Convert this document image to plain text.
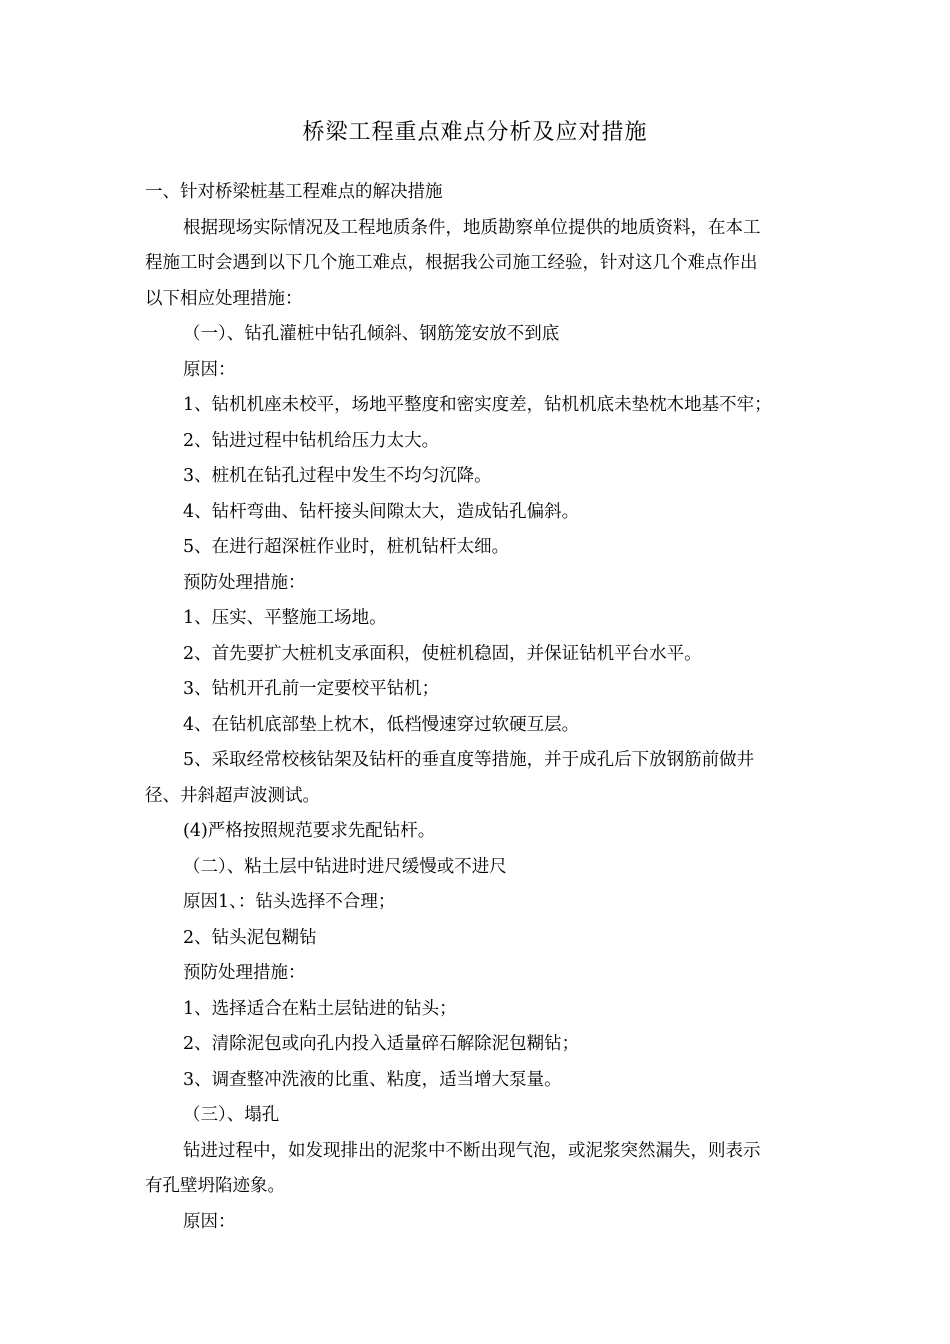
桥梁工程重点难点分析及应对措施
一、针对桥梁桩基工程难点的解决措施
根据现场实际情况及工程地质条件，地质勘察单位提供的地质资料，在本工
程施工时会遇到以下几个施工难点，根据我公司施工经验，针对这几个难点作出
以下相应处理措施：
（一）、钻孔灌桩中钻孔倾斜、钢筋笼安放不到底
原因：
1、钻机机座未校平，场地平整度和密实度差，钻机机底未垫枕木地基不牢；
2、钻进过程中钻机给压力太大。
3、桩机在钻孔过程中发生不均匀沉降。
4、钻杆弯曲、钻杆接头间隙太大，造成钻孔偏斜。
5、在进行超深桩作业时，桩机钻杆太细。
预防处理措施：
1、压实、平整施工场地。
2、首先要扩大桩机支承面积，使桩机稳固，并保证钻机平台水平。
3、钻机开孔前一定要校平钻机；
4、在钻机底部垫上枕木，低档慢速穿过软硬互层。
5、采取经常校核钻架及钻杆的垂直度等措施，并于成孔后下放钢筋前做井
径、井斜超声波测试。
(4)严格按照规范要求先配钻杆。
（二）、粘土层中钻进时进尺缓慢或不进尺
原因1、：钻头选择不合理；
2、钻头泥包糊钻
预防处理措施：
1、选择适合在粘土层钻进的钻头；
2、清除泥包或向孔内投入适量碎石解除泥包糊钻；
3、调查整冲洗液的比重、粘度，适当增大泵量。
（三）、塌孔
钻进过程中，如发现排出的泥浆中不断出现气泡，或泥浆突然漏失，则表示
有孔壁坍陷迹象。
原因：
